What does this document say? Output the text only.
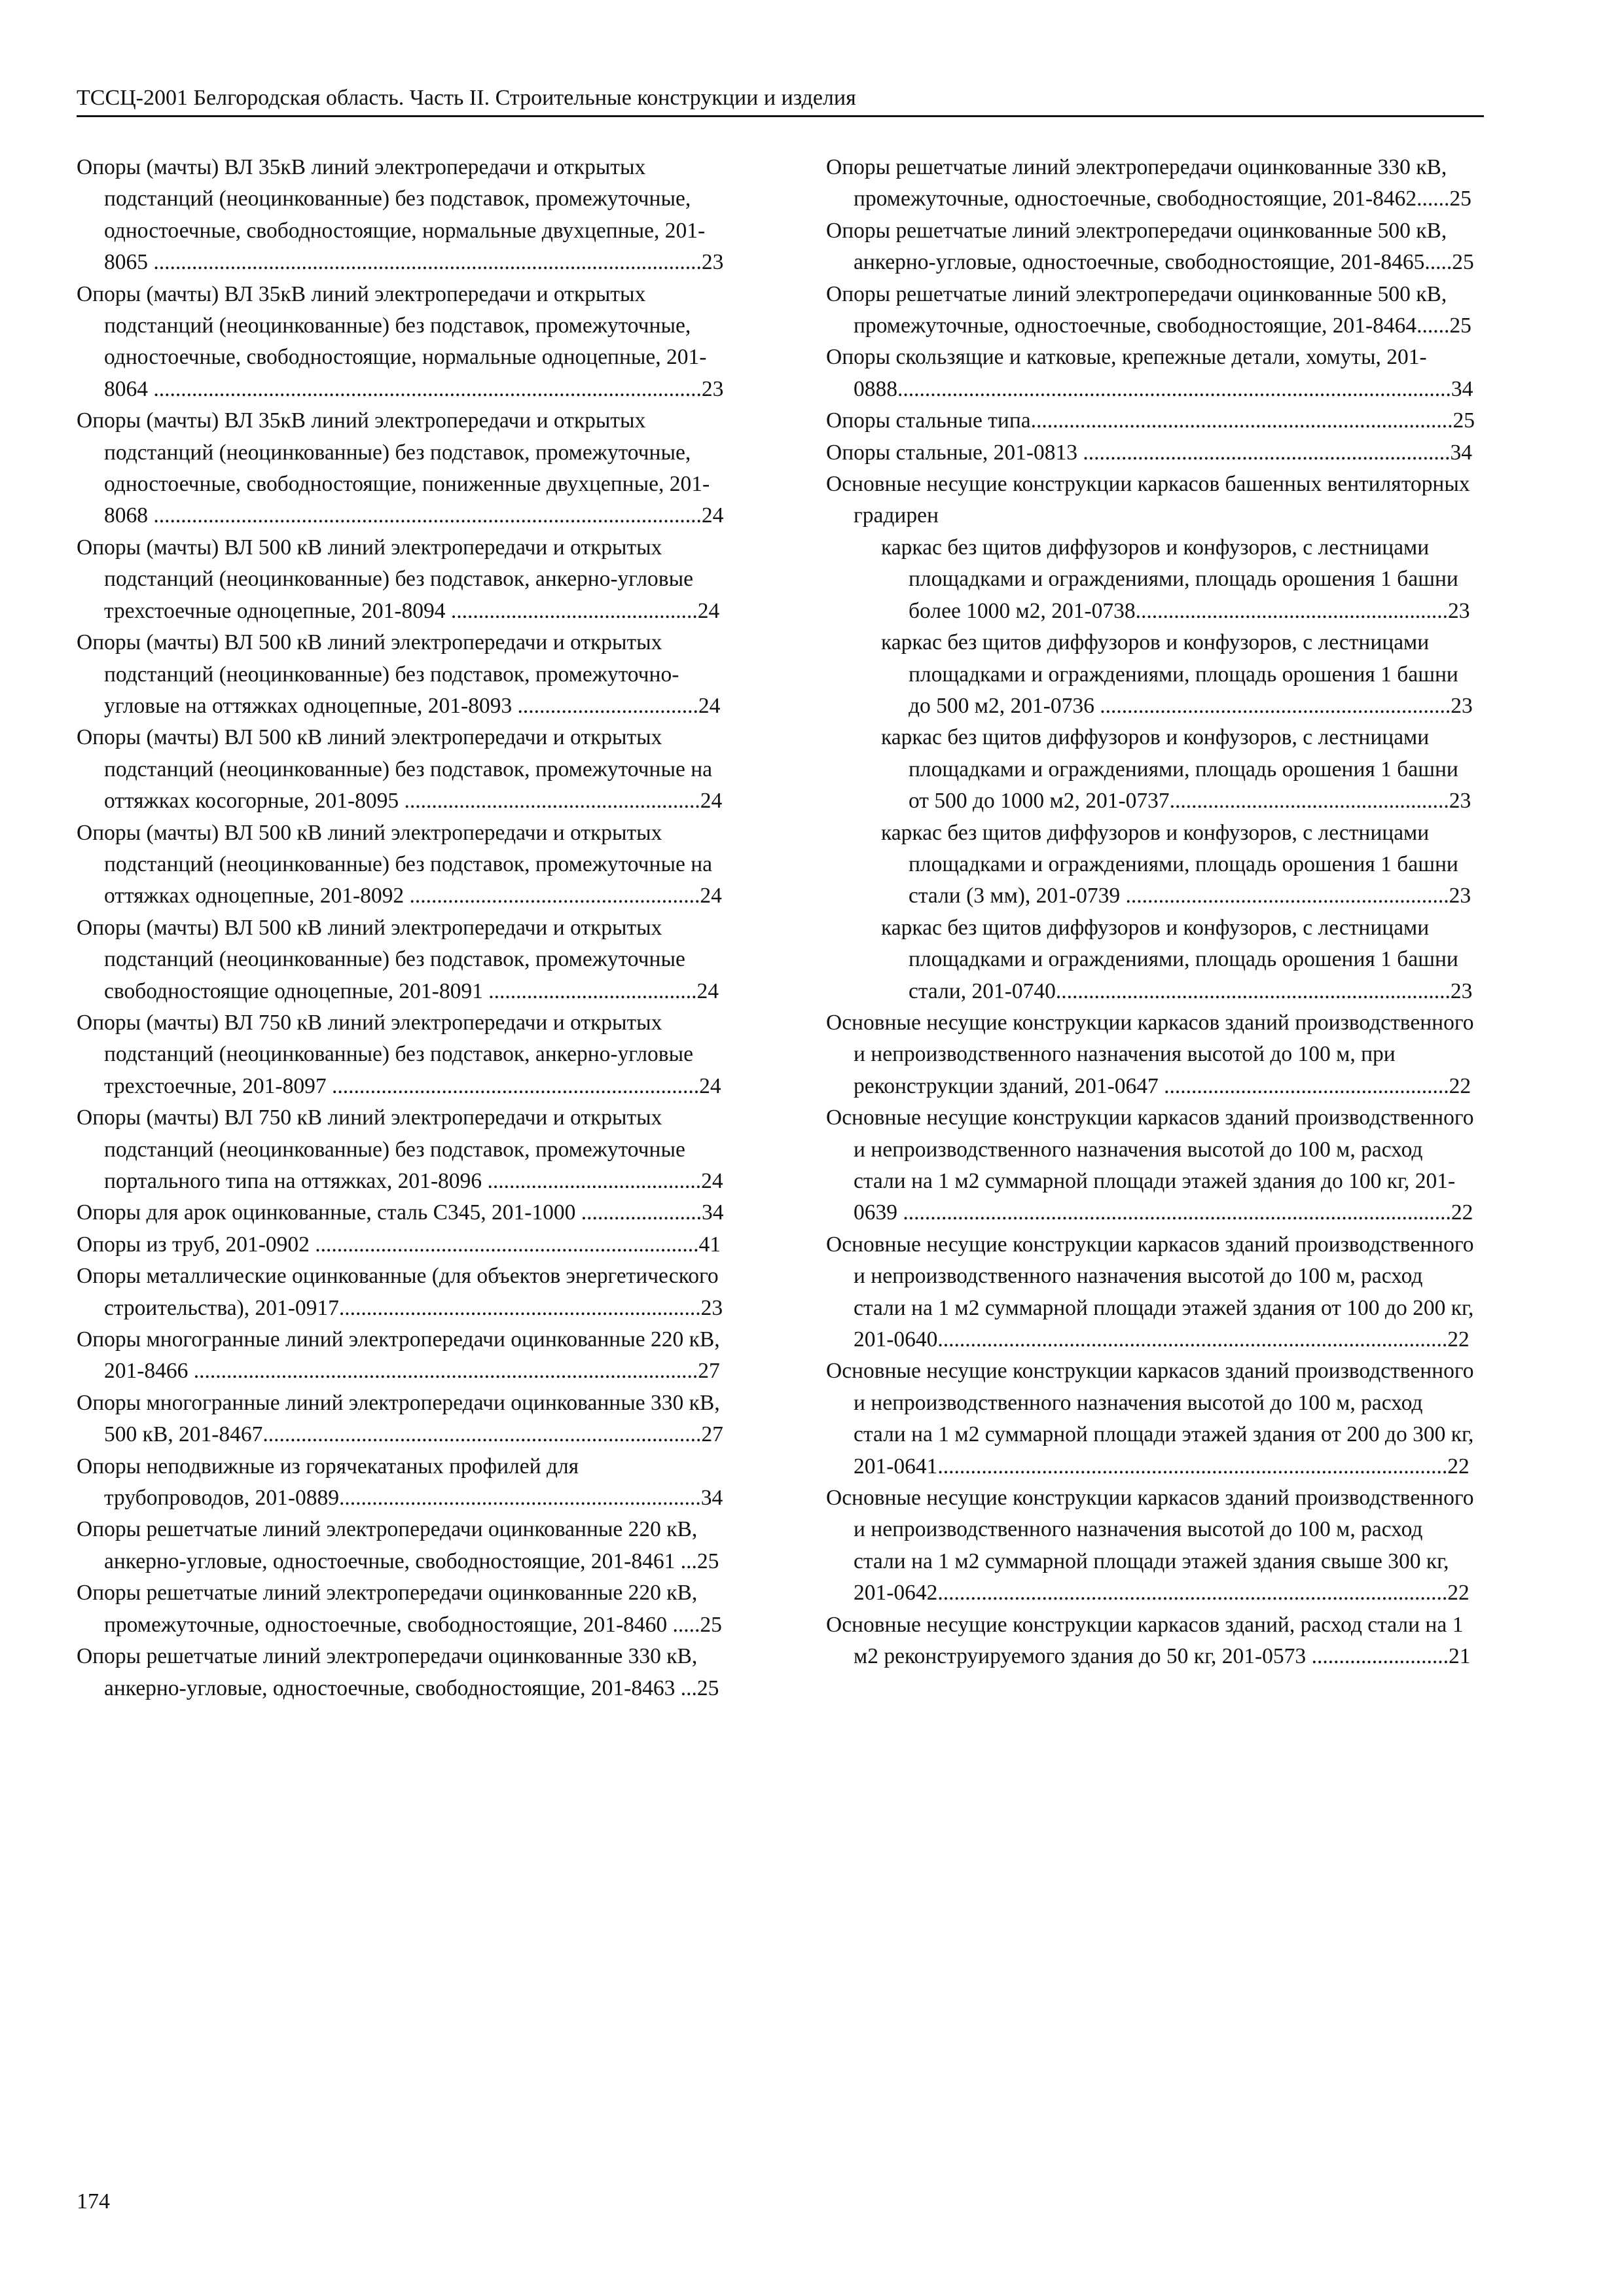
ТССЦ-2001 Белгородская область. Часть II. Строительные конструкции и изделия
Опоры (мачты) ВЛ 35кВ линий электропередачи и открытых подстанций (неоцинкованные) без подставок, промежуточные, одностоечные, свободностоящие, нормальные двухцепные, 201-8065 ....................................................................................................23
Опоры (мачты) ВЛ 35кВ линий электропередачи и открытых подстанций (неоцинкованные) без подставок, промежуточные, одностоечные, свободностоящие, нормальные одноцепные, 201-8064 ....................................................................................................23
Опоры (мачты) ВЛ 35кВ линий электропередачи и открытых подстанций (неоцинкованные) без подставок, промежуточные, одностоечные, свободностоящие, пониженные двухцепные, 201-8068 ....................................................................................................24
Опоры (мачты) ВЛ 500 кВ линий электропередачи и открытых подстанций (неоцинкованные) без подставок, анкерно-угловые трехстоечные одноцепные, 201-8094 .............................................24
Опоры (мачты) ВЛ 500 кВ линий электропередачи и открытых подстанций (неоцинкованные) без подставок, промежуточно-угловые на оттяжках одноцепные, 201-8093 .................................24
Опоры (мачты) ВЛ 500 кВ линий электропередачи и открытых подстанций (неоцинкованные) без подставок, промежуточные на оттяжках косогорные, 201-8095 ......................................................24
Опоры (мачты) ВЛ 500 кВ линий электропередачи и открытых подстанций (неоцинкованные) без подставок, промежуточные на оттяжках одноцепные, 201-8092 .....................................................24
Опоры (мачты) ВЛ 500 кВ линий электропередачи и открытых подстанций (неоцинкованные) без подставок, промежуточные свободностоящие одноцепные, 201-8091 ......................................24
Опоры (мачты) ВЛ 750 кВ линий электропередачи и открытых подстанций (неоцинкованные) без подставок, анкерно-угловые трехстоечные, 201-8097 ...................................................................24
Опоры (мачты) ВЛ 750 кВ линий электропередачи и открытых подстанций (неоцинкованные) без подставок, промежуточные портального типа на оттяжках, 201-8096 .......................................24
Опоры для арок оцинкованные, сталь С345, 201-1000 ......................34
Опоры из труб, 201-0902 ......................................................................41
Опоры металлические оцинкованные (для объектов энергетического строительства), 201-0917..................................................................23
Опоры многогранные линий электропередачи оцинкованные 220 кВ, 201-8466 ............................................................................................27
Опоры многогранные линий электропередачи оцинкованные 330 кВ, 500 кВ, 201-8467................................................................................27
Опоры неподвижные из горячекатаных профилей для трубопроводов, 201-0889..................................................................34
Опоры решетчатые линий электропередачи оцинкованные 220 кВ, анкерно-угловые, одностоечные, свободностоящие, 201-8461 ...25
Опоры решетчатые линий электропередачи оцинкованные 220 кВ, промежуточные, одностоечные, свободностоящие, 201-8460 .....25
Опоры решетчатые линий электропередачи оцинкованные 330 кВ, анкерно-угловые, одностоечные, свободностоящие, 201-8463 ...25
Опоры решетчатые линий электропередачи оцинкованные 330 кВ, промежуточные, одностоечные, свободностоящие, 201-8462......25
Опоры решетчатые линий электропередачи оцинкованные 500 кВ, анкерно-угловые, одностоечные, свободностоящие, 201-8465.....25
Опоры решетчатые линий электропередачи оцинкованные 500 кВ, промежуточные, одностоечные, свободностоящие, 201-8464......25
Опоры скользящие и катковые, крепежные детали, хомуты, 201-0888.....................................................................................................34
Опоры стальные типа.............................................................................25
Опоры стальные, 201-0813 ...................................................................34
Основные несущие конструкции каркасов башенных вентиляторных градирен
каркас без щитов диффузоров и конфузоров, с лестницами площадками и ограждениями, площадь орошения 1 башни более 1000 м2, 201-0738.........................................................23
каркас без щитов диффузоров и конфузоров, с лестницами площадками и ограждениями, площадь орошения 1 башни до 500 м2, 201-0736 ................................................................23
каркас без щитов диффузоров и конфузоров, с лестницами площадками и ограждениями, площадь орошения 1 башни от 500 до 1000 м2, 201-0737...................................................23
каркас без щитов диффузоров и конфузоров, с лестницами площадками и ограждениями, площадь орошения 1 башни стали (3 мм), 201-0739 ...........................................................23
каркас без щитов диффузоров и конфузоров, с лестницами площадками и ограждениями, площадь орошения 1 башни стали, 201-0740........................................................................23
Основные несущие конструкции каркасов зданий производственного и непроизводственного назначения высотой до 100 м, при реконструкции зданий, 201-0647 ....................................................22
Основные несущие конструкции каркасов зданий производственного и непроизводственного назначения высотой до 100 м, расход стали на 1 м2 суммарной площади этажей здания до 100 кг, 201-0639 ....................................................................................................22
Основные несущие конструкции каркасов зданий производственного и непроизводственного назначения высотой до 100 м, расход стали на 1 м2 суммарной площади этажей здания от 100 до 200 кг, 201-0640.............................................................................................22
Основные несущие конструкции каркасов зданий производственного и непроизводственного назначения высотой до 100 м, расход стали на 1 м2 суммарной площади этажей здания от 200 до 300 кг, 201-0641.............................................................................................22
Основные несущие конструкции каркасов зданий производственного и непроизводственного назначения высотой до 100 м, расход стали на 1 м2 суммарной площади этажей здания свыше 300 кг, 201-0642.............................................................................................22
Основные несущие конструкции каркасов зданий, расход стали на 1 м2 реконструируемого здания до 50 кг, 201-0573 .........................21
174
